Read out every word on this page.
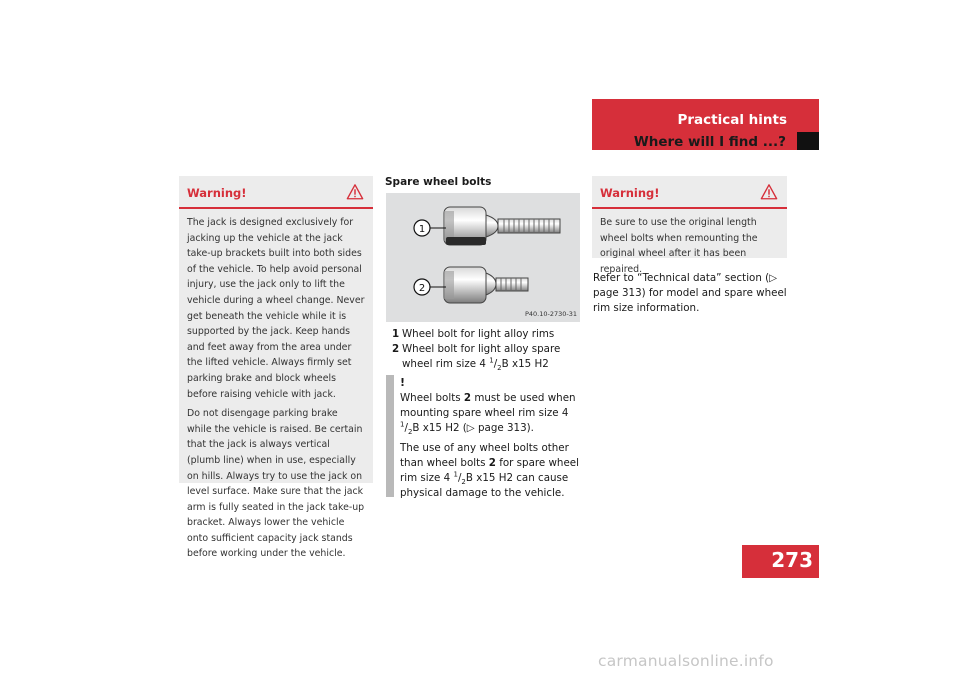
Practical hints
Where will I find ...?
Warning!

The jack is designed exclusively for jacking up the vehicle at the jack take-up brackets built into both sides of the vehicle. To help avoid personal injury, use the jack only to lift the vehicle during a wheel change. Never get beneath the vehicle while it is supported by the jack. Keep hands and feet away from the area under the lifted vehicle. Always firmly set parking brake and block wheels before raising vehicle with jack.

Do not disengage parking brake while the vehicle is raised. Be certain that the jack is always vertical (plumb line) when in use, especially on hills. Always try to use the jack on level surface. Make sure that the jack arm is fully seated in the jack take-up bracket. Always lower the vehicle onto sufficient capacity jack stands before working under the vehicle.

Spare wheel bolts
1
2
P40.10-2730-31
1 Wheel bolt for light alloy rims
2 Wheel bolt for light alloy spare wheel rim size 4 $^1/_2B$ x15 H2
!

Wheel bolts 2 must be used when mounting spare wheel rim size 4 $^1/_2B$ x15 H2 (▷ page 313).

The use of any wheel bolts other than wheel bolts 2 for spare wheel rim size 4 $^1/_2B$ x15 H2 can cause physical damage to the vehicle.

Warning!

Be sure to use the original length wheel bolts when remounting the original wheel after it has been repaired.

Refer to “Technical data” section (▷ page 313) for model and spare wheel rim size information.
273
carmanualsonline.info
